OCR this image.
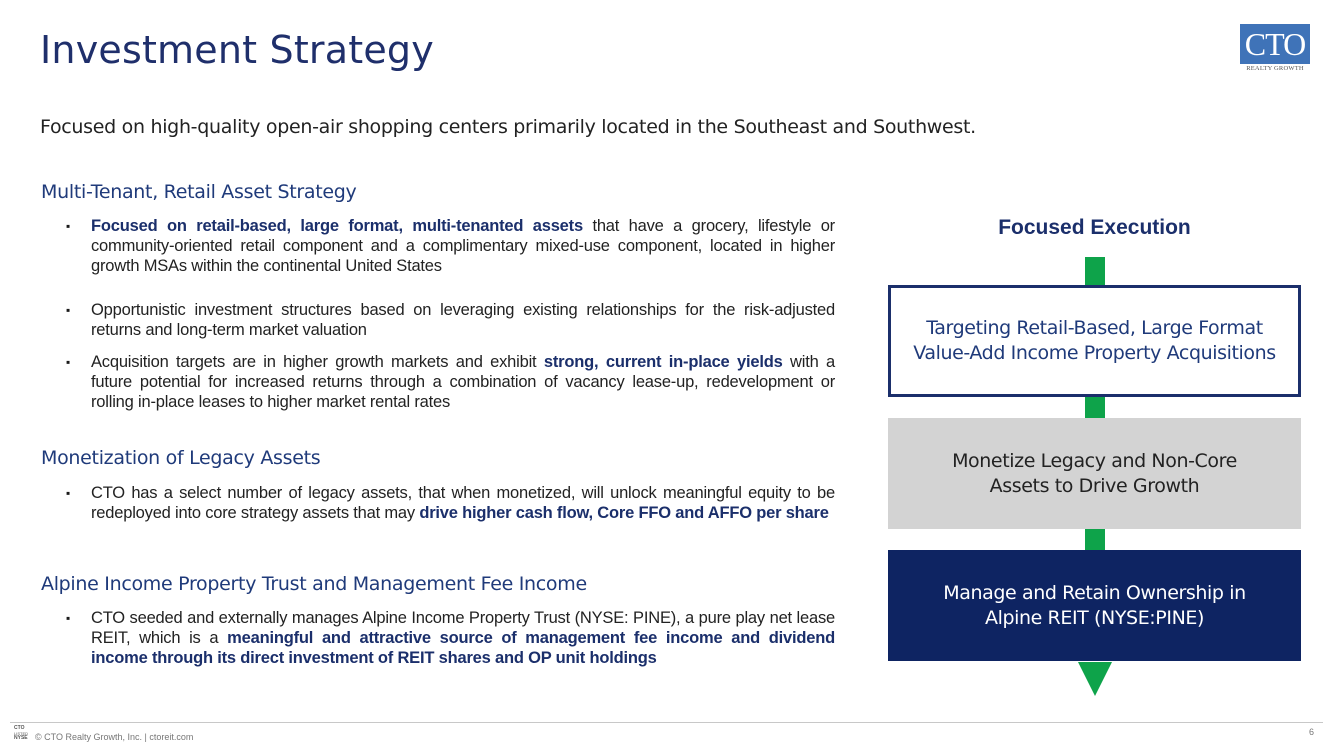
Investment Strategy	CTO
REALTY GROWTH
Focused on high-quality open-air shopping centers primarily located in the Southeast and Southwest.
Multi-Tenant, Retail Asset Strategy
▪ Focused on retail-based, large format, multi-tenanted assets that have a grocery, lifestyle or community-oriented retail component and a complimentary mixed-use component, located in higher growth MSAs within the continental United States
▪ Opportunistic investment structures based on leveraging existing relationships for the risk-adjusted returns and long-term market valuation
▪ Acquisition targets are in higher growth markets and exhibit strong, current in-place yields with a future potential for increased returns through a combination of vacancy lease-up, redevelopment or rolling in-place leases to higher market rental rates
Monetization of Legacy Assets
▪ CTO has a select number of legacy assets, that when monetized, will unlock meaningful equity to be redeployed into core strategy assets that may drive higher cash flow, Core FFO and AFFO per share
Alpine Income Property Trust and Management Fee Income
▪ CTO seeded and externally manages Alpine Income Property Trust (NYSE: PINE), a pure play net lease REIT, which is a meaningful and attractive source of management fee income and dividend income through its direct investment of REIT shares and OP unit holdings
Focused Execution
Targeting Retail-Based, Large Format
Value-Add Income Property Acquisitions
Monetize Legacy and Non-Core
Assets to Drive Growth
Manage and Retain Ownership in
Alpine REIT (NYSE:PINE)
CTO
LISTED
NYSE © CTO Realty Growth, Inc. | ctoreit.com	6
